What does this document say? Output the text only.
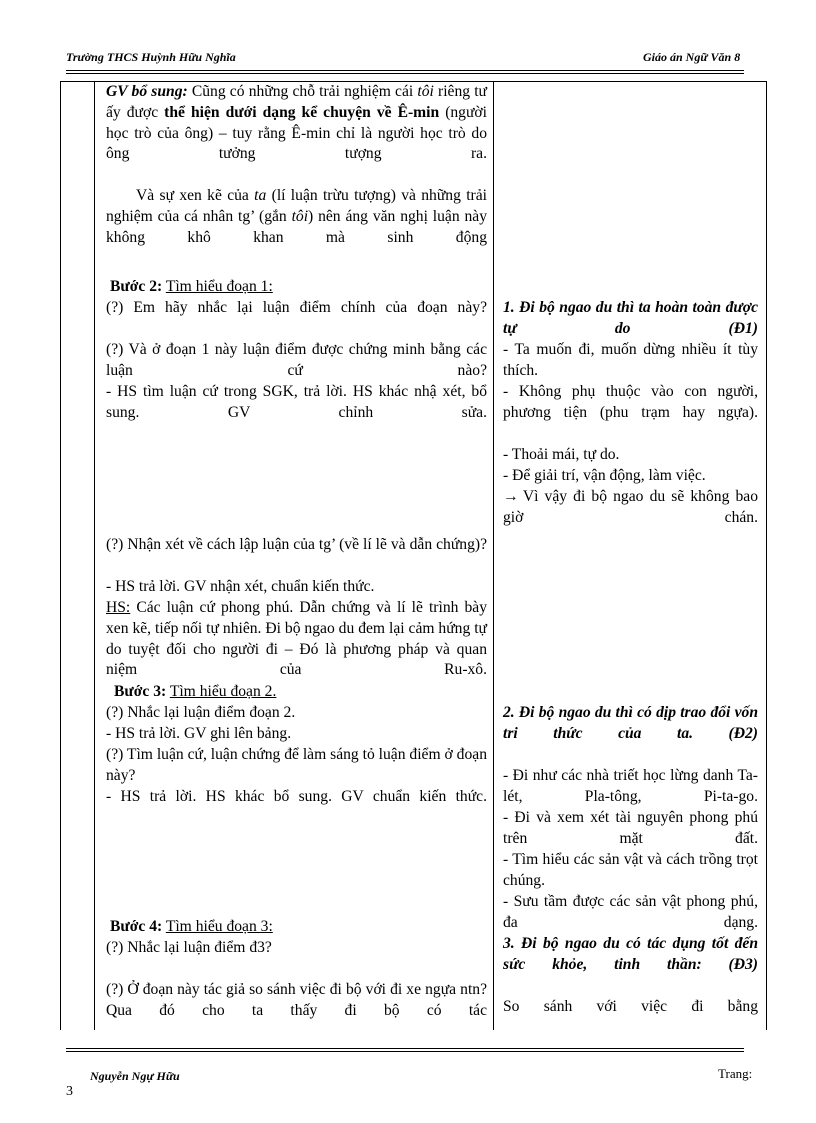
Trường THCS Huỳnh Hữu Nghĩa	Giáo án Ngữ Văn 8
GV bổ sung: Cũng có những chỗ trải nghiệm cái tôi riêng tư ấy được thể hiện dưới dạng kể chuyện về Ê-min (người học trò của ông) – tuy rằng Ê-min chỉ là người học trò do ông tưởng tượng ra.
Và sự xen kẽ của ta (lí luận trừu tượng) và những trải nghiệm của cá nhân tg’ (gắn tôi) nên áng văn nghị luận này không khô khan mà sinh động
Bước 2: Tìm hiểu đoạn 1:
(?) Em hãy nhắc lại luận điểm chính của đoạn này?
(?) Và ở đoạn 1 này luận điểm được chứng minh bằng các luận cứ nào?
- HS tìm luận cứ trong SGK, trả lời. HS khác nhậ xét, bổ sung. GV chỉnh sửa.
(?) Nhận xét về cách lập luận của tg’ (về lí lẽ và dẫn chứng)?
- HS trả lời. GV nhận xét, chuẩn kiến thức.
HS: Các luận cứ phong phú. Dẫn chứng và lí lẽ trình bày xen kẽ, tiếp nối tự nhiên. Đi bộ ngao du đem lại cảm hứng tự do tuyệt đối cho người đi – Đó là phương pháp và quan niệm của Ru-xô.
Bước 3: Tìm hiểu đoạn 2.
(?) Nhắc lại luận điểm đoạn 2.
- HS trả lời. GV ghi lên bảng.
(?) Tìm luận cứ, luận chứng để làm sáng tỏ luận điểm ở đoạn này?
- HS trả lời. HS khác bổ sung. GV chuẩn kiến thức.
Bước 4: Tìm hiểu đoạn 3:
(?) Nhắc lại luận điểm đ3?
(?) Ở đoạn này tác giả so sánh việc đi bộ với đi xe ngựa ntn? Qua đó cho ta thấy đi bộ có tác
1. Đi bộ ngao du thì ta hoàn toàn được tự do (Đ1)
- Ta muốn đi, muốn dừng nhiều ít tùy thích.
- Không phụ thuộc vào con người, phương tiện (phu trạm hay ngựa).
- Thoải mái, tự do.
- Để giải trí, vận động, làm việc.
→ Vì vậy đi bộ ngao du sẽ không bao giờ chán.
2. Đi bộ ngao du thì có dịp trao đổi vốn tri thức của ta. (Đ2)
- Đi như các nhà triết học lừng danh Ta-lét, Pla-tông, Pi-ta-go.
- Đi và xem xét tài nguyên phong phú trên mặt đất.
- Tìm hiểu các sản vật và cách trồng trọt chúng.
- Sưu tầm được các sản vật phong phú, đa dạng.
3. Đi bộ ngao du có tác dụng tốt đến sức khỏe, tinh thần: (Đ3)
So sánh với việc đi bằng
Nguyễn Ngự Hữu	Trang:
3
